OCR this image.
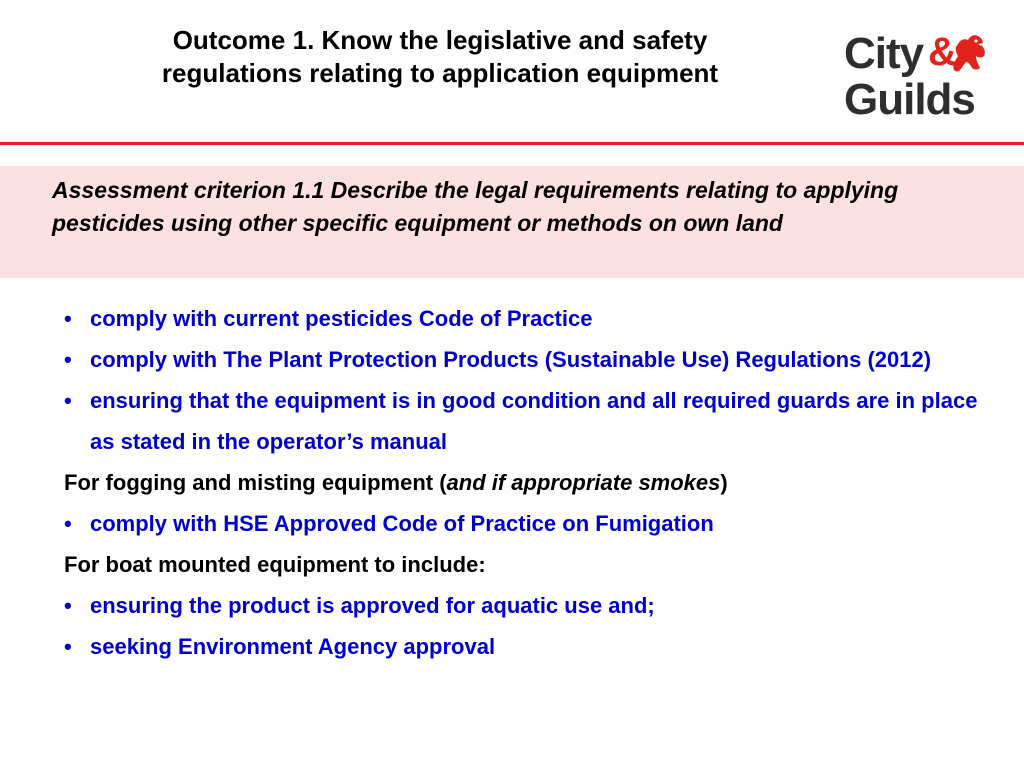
Outcome 1. Know the legislative and safety
regulations relating to application equipment	City &
Guilds
Assessment criterion 1.1 Describe the legal requirements relating to applying pesticides using other specific equipment or methods on own land
• comply with current pesticides Code of Practice
• comply with The Plant Protection Products (Sustainable Use) Regulations (2012)
• ensuring that the equipment is in good condition and all required guards are in place as stated in the operator’s manual
For fogging and misting equipment (and if appropriate smokes)
• comply with HSE Approved Code of Practice on Fumigation
For boat mounted equipment to include:
• ensuring the product is approved for aquatic use and;
• seeking Environment Agency approval
